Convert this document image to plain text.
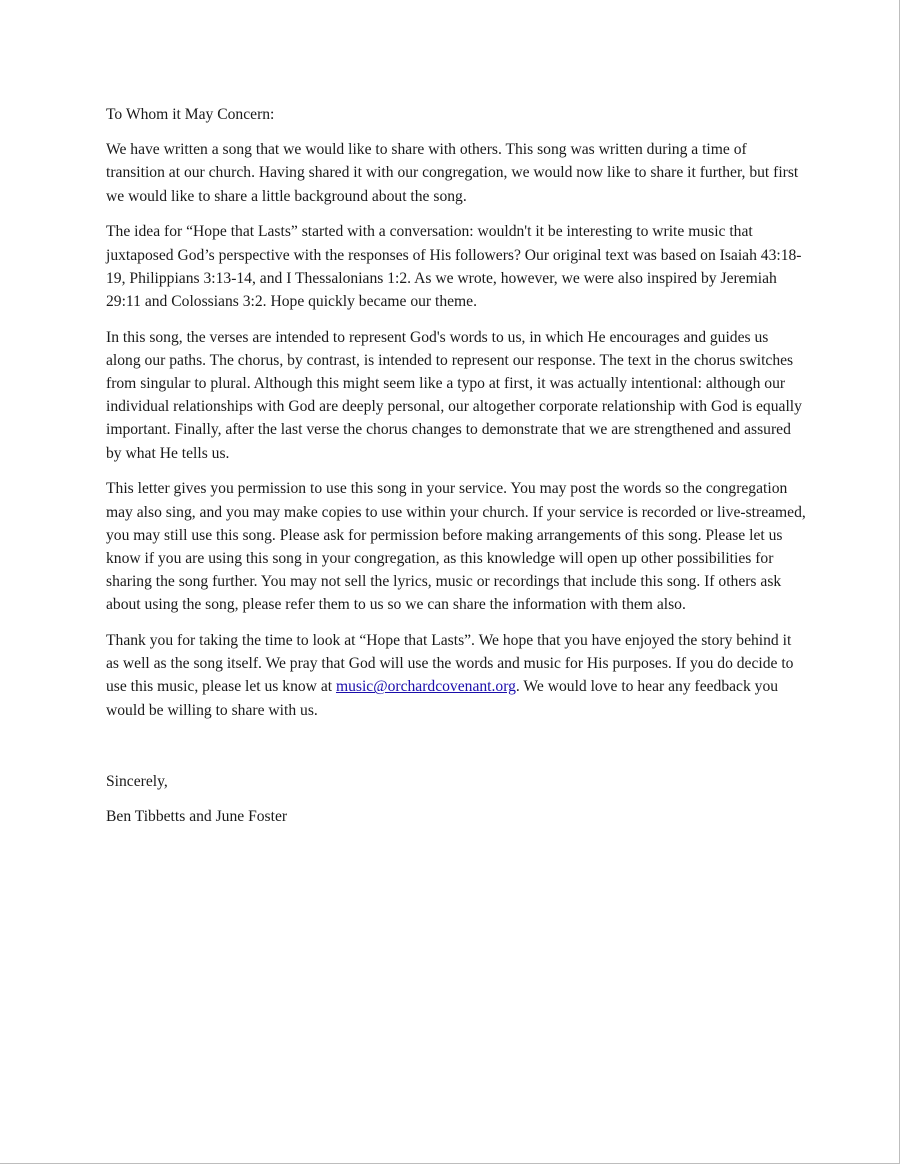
To Whom it May Concern:

We have written a song that we would like to share with others. This song was written during a time of transition at our church. Having shared it with our congregation, we would now like to share it further, but first we would like to share a little background about the song.

The idea for “Hope that Lasts” started with a conversation: wouldn't it be interesting to write music that juxtaposed God’s perspective with the responses of His followers? Our original text was based on Isaiah 43:18-19, Philippians 3:13-14, and I Thessalonians 1:2. As we wrote, however, we were also inspired by Jeremiah 29:11 and Colossians 3:2. Hope quickly became our theme.

In this song, the verses are intended to represent God's words to us, in which He encourages and guides us along our paths. The chorus, by contrast, is intended to represent our response. The text in the chorus switches from singular to plural. Although this might seem like a typo at first, it was actually intentional: although our individual relationships with God are deeply personal, our altogether corporate relationship with God is equally important. Finally, after the last verse the chorus changes to demonstrate that we are strengthened and assured by what He tells us.

This letter gives you permission to use this song in your service. You may post the words so the congregation may also sing, and you may make copies to use within your church. If your service is recorded or live-streamed, you may still use this song. Please ask for permission before making arrangements of this song. Please let us know if you are using this song in your congregation, as this knowledge will open up other possibilities for sharing the song further. You may not sell the lyrics, music or recordings that include this song. If others ask about using the song, please refer them to us so we can share the information with them also.

Thank you for taking the time to look at “Hope that Lasts”. We hope that you have enjoyed the story behind it as well as the song itself. We pray that God will use the words and music for His purposes. If you do decide to use this music, please let us know at music@orchardcovenant.org. We would love to hear any feedback you would be willing to share with us.

Sincerely,

Ben Tibbetts and June Foster
